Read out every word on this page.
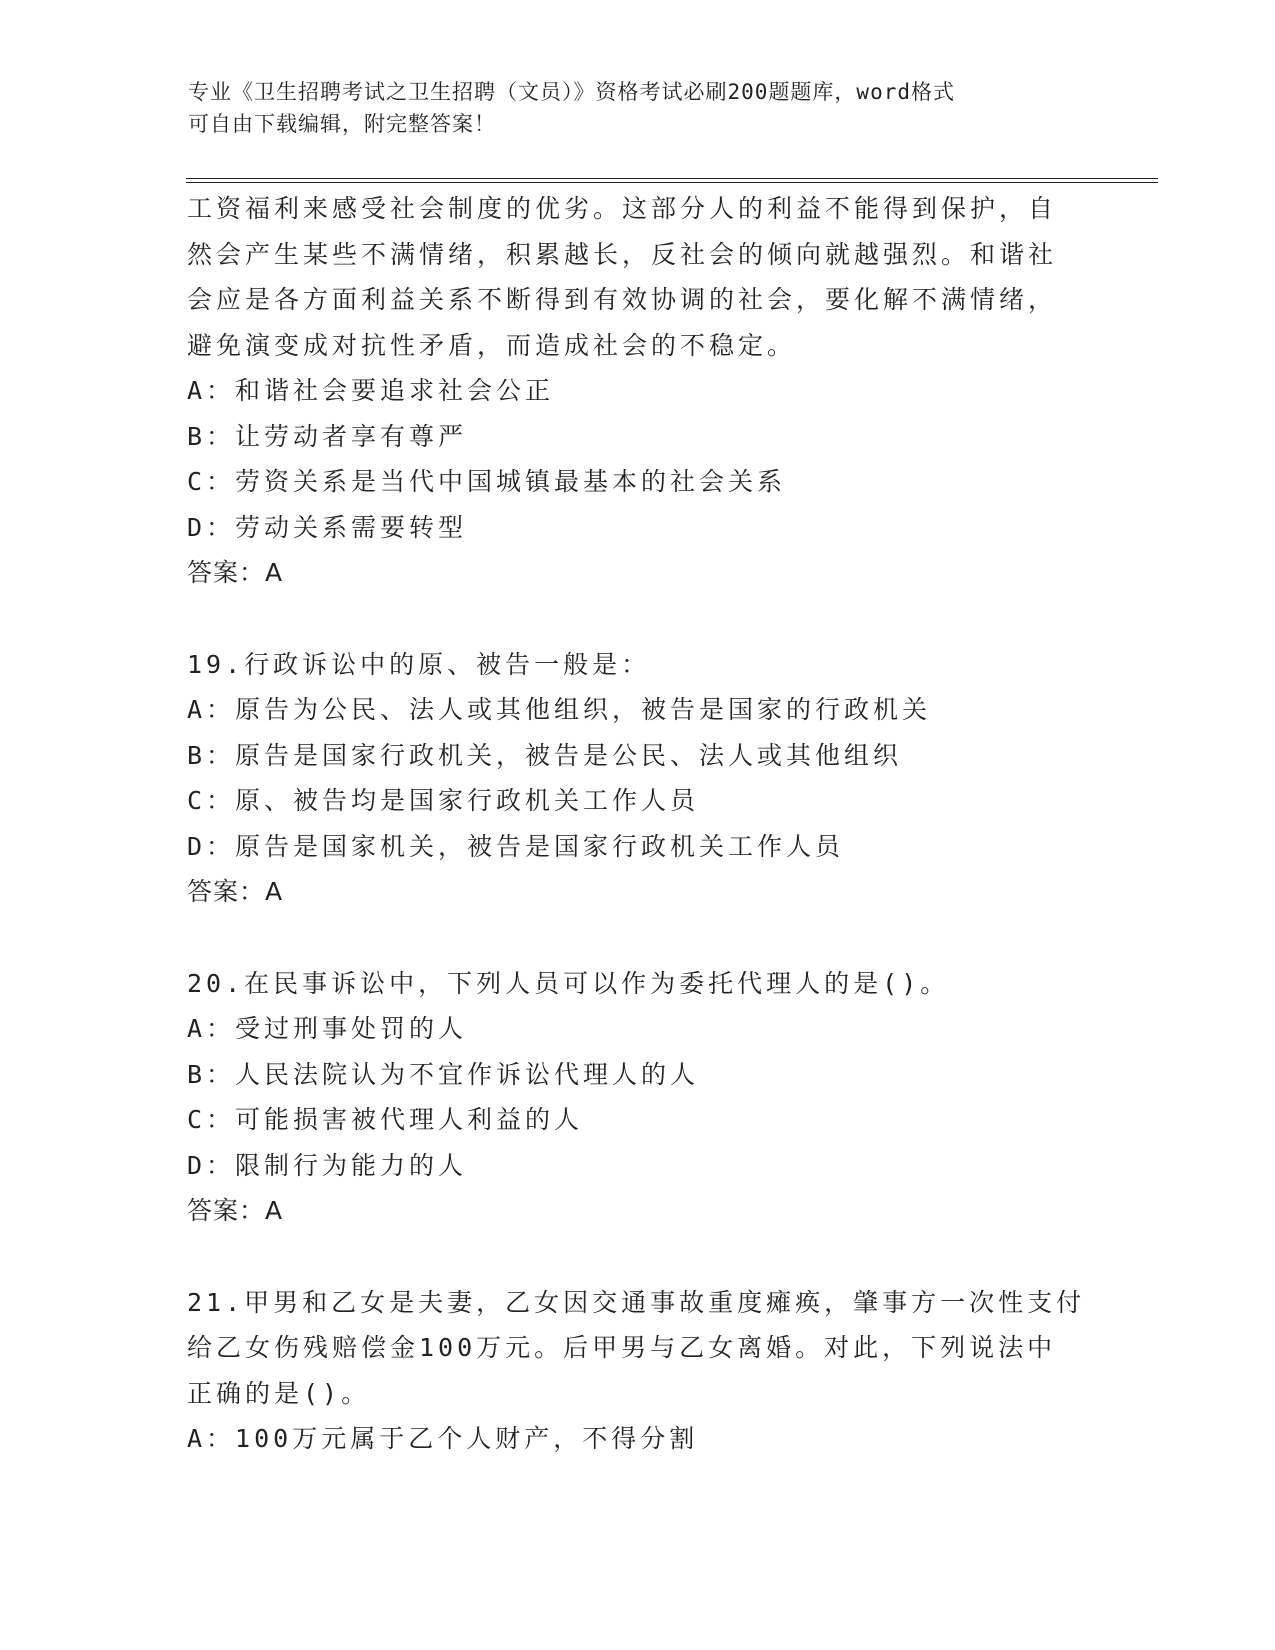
专业《卫生招聘考试之卫生招聘（文员）》资格考试必刷200题题库，word格式
可自由下载编辑，附完整答案！
工资福利来感受社会制度的优劣。这部分人的利益不能得到保护，自
然会产生某些不满情绪，积累越长，反社会的倾向就越强烈。和谐社
会应是各方面利益关系不断得到有效协调的社会，要化解不满情绪，
避免演变成对抗性矛盾，而造成社会的不稳定。
A：和谐社会要追求社会公正
B：让劳动者享有尊严
C：劳资关系是当代中国城镇最基本的社会关系
D：劳动关系需要转型
答案：A
19.行政诉讼中的原、被告一般是：
A：原告为公民、法人或其他组织，被告是国家的行政机关
B：原告是国家行政机关，被告是公民、法人或其他组织
C：原、被告均是国家行政机关工作人员
D：原告是国家机关，被告是国家行政机关工作人员
答案：A
20.在民事诉讼中，下列人员可以作为委托代理人的是()。
A：受过刑事处罚的人
B：人民法院认为不宜作诉讼代理人的人
C：可能损害被代理人利益的人
D：限制行为能力的人
答案：A
21.甲男和乙女是夫妻，乙女因交通事故重度瘫痪，肇事方一次性支付
给乙女伤残赔偿金100万元。后甲男与乙女离婚。对此，下列说法中
正确的是()。
A：100万元属于乙个人财产，不得分割
